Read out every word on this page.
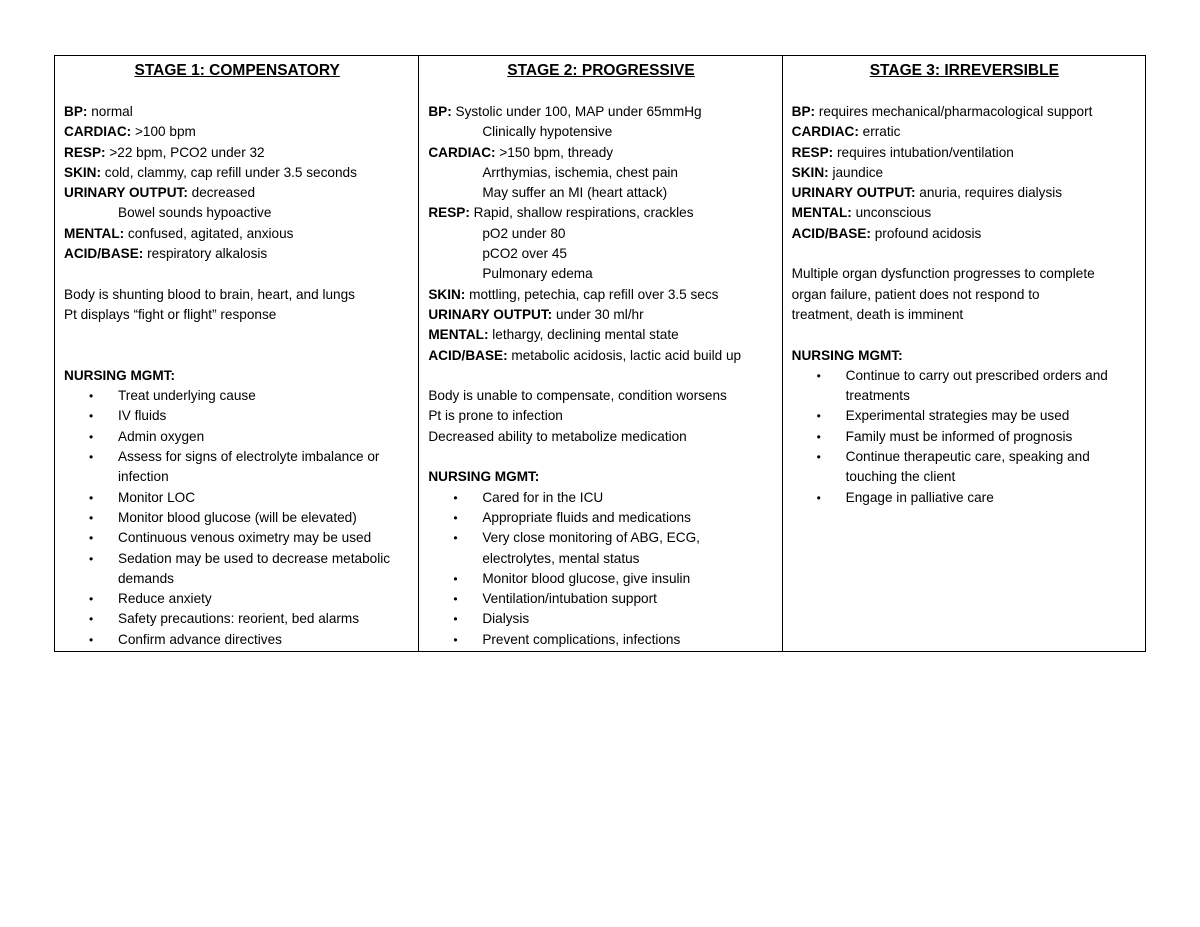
STAGE 1: COMPENSATORY

BP: normal

CARDIAC: >100 bpm

RESP: >22 bpm, PCO2 under 32

SKIN: cold, clammy, cap refill under 3.5 seconds

URINARY OUTPUT: decreased

Bowel sounds hypoactive

MENTAL: confused, agitated, anxious

ACID/BASE: respiratory alkalosis

Body is shunting blood to brain, heart, and lungs

Pt displays “fight or flight” response

NURSING MGMT:

• Treat underlying cause
• IV fluids
• Admin oxygen
• Assess for signs of electrolyte imbalance or infection
• Monitor LOC
• Monitor blood glucose (will be elevated)
• Continuous venous oximetry may be used
• Sedation may be used to decrease metabolic demands
• Reduce anxiety
• Safety precautions: reorient, bed alarms
• Confirm advance directives
STAGE 2: PROGRESSIVE

BP: Systolic under 100, MAP under 65mmHg

Clinically hypotensive

CARDIAC: >150 bpm, thready

Arrthymias, ischemia, chest pain

May suffer an MI (heart attack)

RESP: Rapid, shallow respirations, crackles

pO2 under 80

pCO2 over 45

Pulmonary edema

SKIN: mottling, petechia, cap refill over 3.5 secs

URINARY OUTPUT: under 30 ml/hr

MENTAL: lethargy, declining mental state

ACID/BASE: metabolic acidosis, lactic acid build up

Body is unable to compensate, condition worsens

Pt is prone to infection

Decreased ability to metabolize medication

NURSING MGMT:

• Cared for in the ICU
• Appropriate fluids and medications
• Very close monitoring of ABG, ECG, electrolytes, mental status
• Monitor blood glucose, give insulin
• Ventilation/intubation support
• Dialysis
• Prevent complications, infections
STAGE 3: IRREVERSIBLE

BP: requires mechanical/pharmacological support

CARDIAC: erratic

RESP: requires intubation/ventilation

SKIN: jaundice

URINARY OUTPUT: anuria, requires dialysis

MENTAL: unconscious

ACID/BASE: profound acidosis

Multiple organ dysfunction progresses to complete

organ failure, patient does not respond to

treatment, death is imminent

NURSING MGMT:

• Continue to carry out prescribed orders and treatments
• Experimental strategies may be used
• Family must be informed of prognosis
• Continue therapeutic care, speaking and touching the client
• Engage in palliative care
